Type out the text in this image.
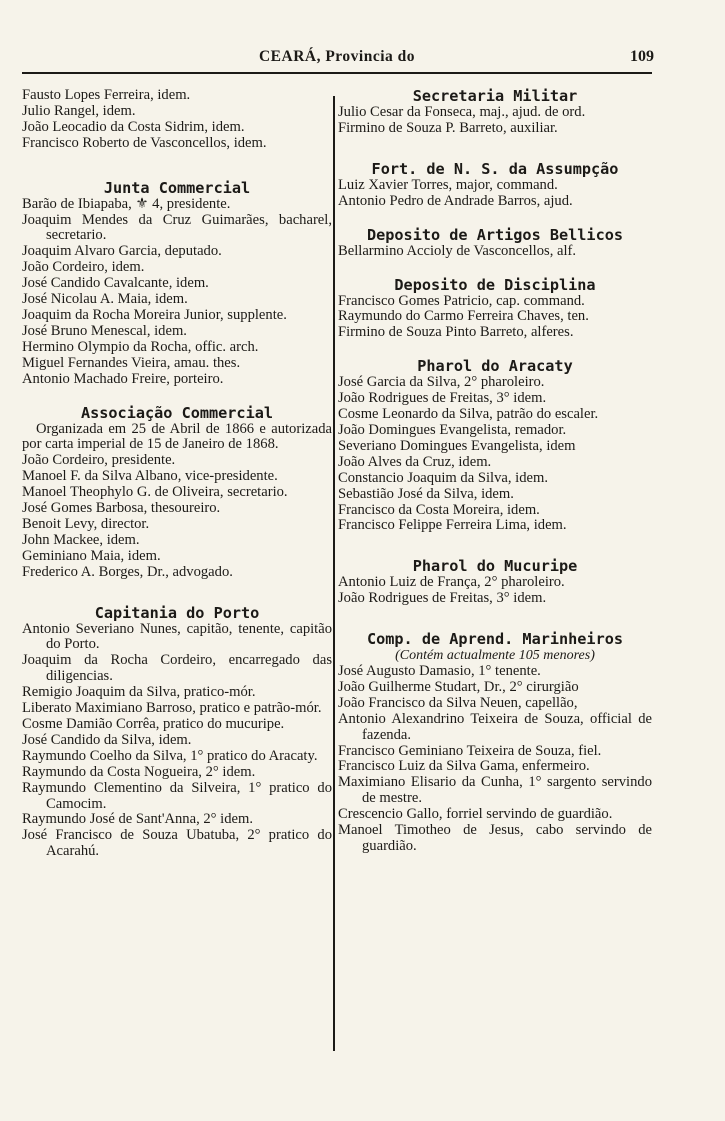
CEARÁ, Provincia do	109
Fausto Lopes Ferreira, idem.
Julio Rangel, idem.
João Leocadio da Costa Sidrim, idem.
Francisco Roberto de Vasconcellos, idem.
Junta Commercial
Barão de Ibiapaba, ⚜ 4, presidente.
Joaquim Mendes da Cruz Guimarães, bacharel, secretario.
Joaquim Alvaro Garcia, deputado.
João Cordeiro, idem.
José Candido Cavalcante, idem.
José Nicolau A. Maia, idem.
Joaquim da Rocha Moreira Junior, supplente.
José Bruno Menescal, idem.
Hermino Olympio da Rocha, offic. arch.
Miguel Fernandes Vieira, amau. thes.
Antonio Machado Freire, porteiro.
Associação Commercial
Organizada em 25 de Abril de 1866 e autorizada por carta imperial de 15 de Janeiro de 1868.
João Cordeiro, presidente.
Manoel F. da Silva Albano, vice-presidente.
Manoel Theophylo G. de Oliveira, secretario.
José Gomes Barbosa, thesoureiro.
Benoit Levy, director.
John Mackee, idem.
Geminiano Maia, idem.
Frederico A. Borges, Dr., advogado.
Capitania do Porto
Antonio Severiano Nunes, capitão, tenente, capitão do Porto.
Joaquim da Rocha Cordeiro, encarregado das diligencias.
Remigio Joaquim da Silva, pratico-mór.
Liberato Maximiano Barroso, pratico e patrão-mór.
Cosme Damião Corrêa, pratico do mucuripe.
José Candido da Silva, idem.
Raymundo Coelho da Silva, 1° pratico do Aracaty.
Raymundo da Costa Nogueira, 2° idem.
Raymundo Clementino da Silveira, 1° pratico do Camocim.
Raymundo José de Sant'Anna, 2° idem.
José Francisco de Souza Ubatuba, 2° pratico do Acarahú.
Secretaria Militar
Julio Cesar da Fonseca, maj., ajud. de ord.
Firmino de Souza P. Barreto, auxiliar.
Fort. de N. S. da Assumpção
Luiz Xavier Torres, major, command.
Antonio Pedro de Andrade Barros, ajud.
Deposito de Artigos Bellicos
Bellarmino Accioly de Vasconcellos, alf.
Deposito de Disciplina
Francisco Gomes Patricio, cap. command.
Raymundo do Carmo Ferreira Chaves, ten.
Firmino de Souza Pinto Barreto, alferes.
Pharol do Aracaty
José Garcia da Silva, 2° pharoleiro.
João Rodrigues de Freitas, 3° idem.
Cosme Leonardo da Silva, patrão do escaler.
João Domingues Evangelista, remador.
Severiano Domingues Evangelista, idem
João Alves da Cruz, idem.
Constancio Joaquim da Silva, idem.
Sebastião José da Silva, idem.
Francisco da Costa Moreira, idem.
Francisco Felippe Ferreira Lima, idem.
Pharol do Mucuripe
Antonio Luiz de França, 2° pharoleiro.
João Rodrigues de Freitas, 3° idem.
Comp. de Aprend. Marinheiros
(Contém actualmente 105 menores)
José Augusto Damasio, 1° tenente.
João Guilherme Studart, Dr., 2° cirurgião
João Francisco da Silva Neuen, capellão,
Antonio Alexandrino Teixeira de Souza, official de fazenda.
Francisco Geminiano Teixeira de Souza, fiel.
Francisco Luiz da Silva Gama, enfermeiro.
Maximiano Elisario da Cunha, 1° sargento servindo de mestre.
Crescencio Gallo, forriel servindo de guardião.
Manoel Timotheo de Jesus, cabo servindo de guardião.
